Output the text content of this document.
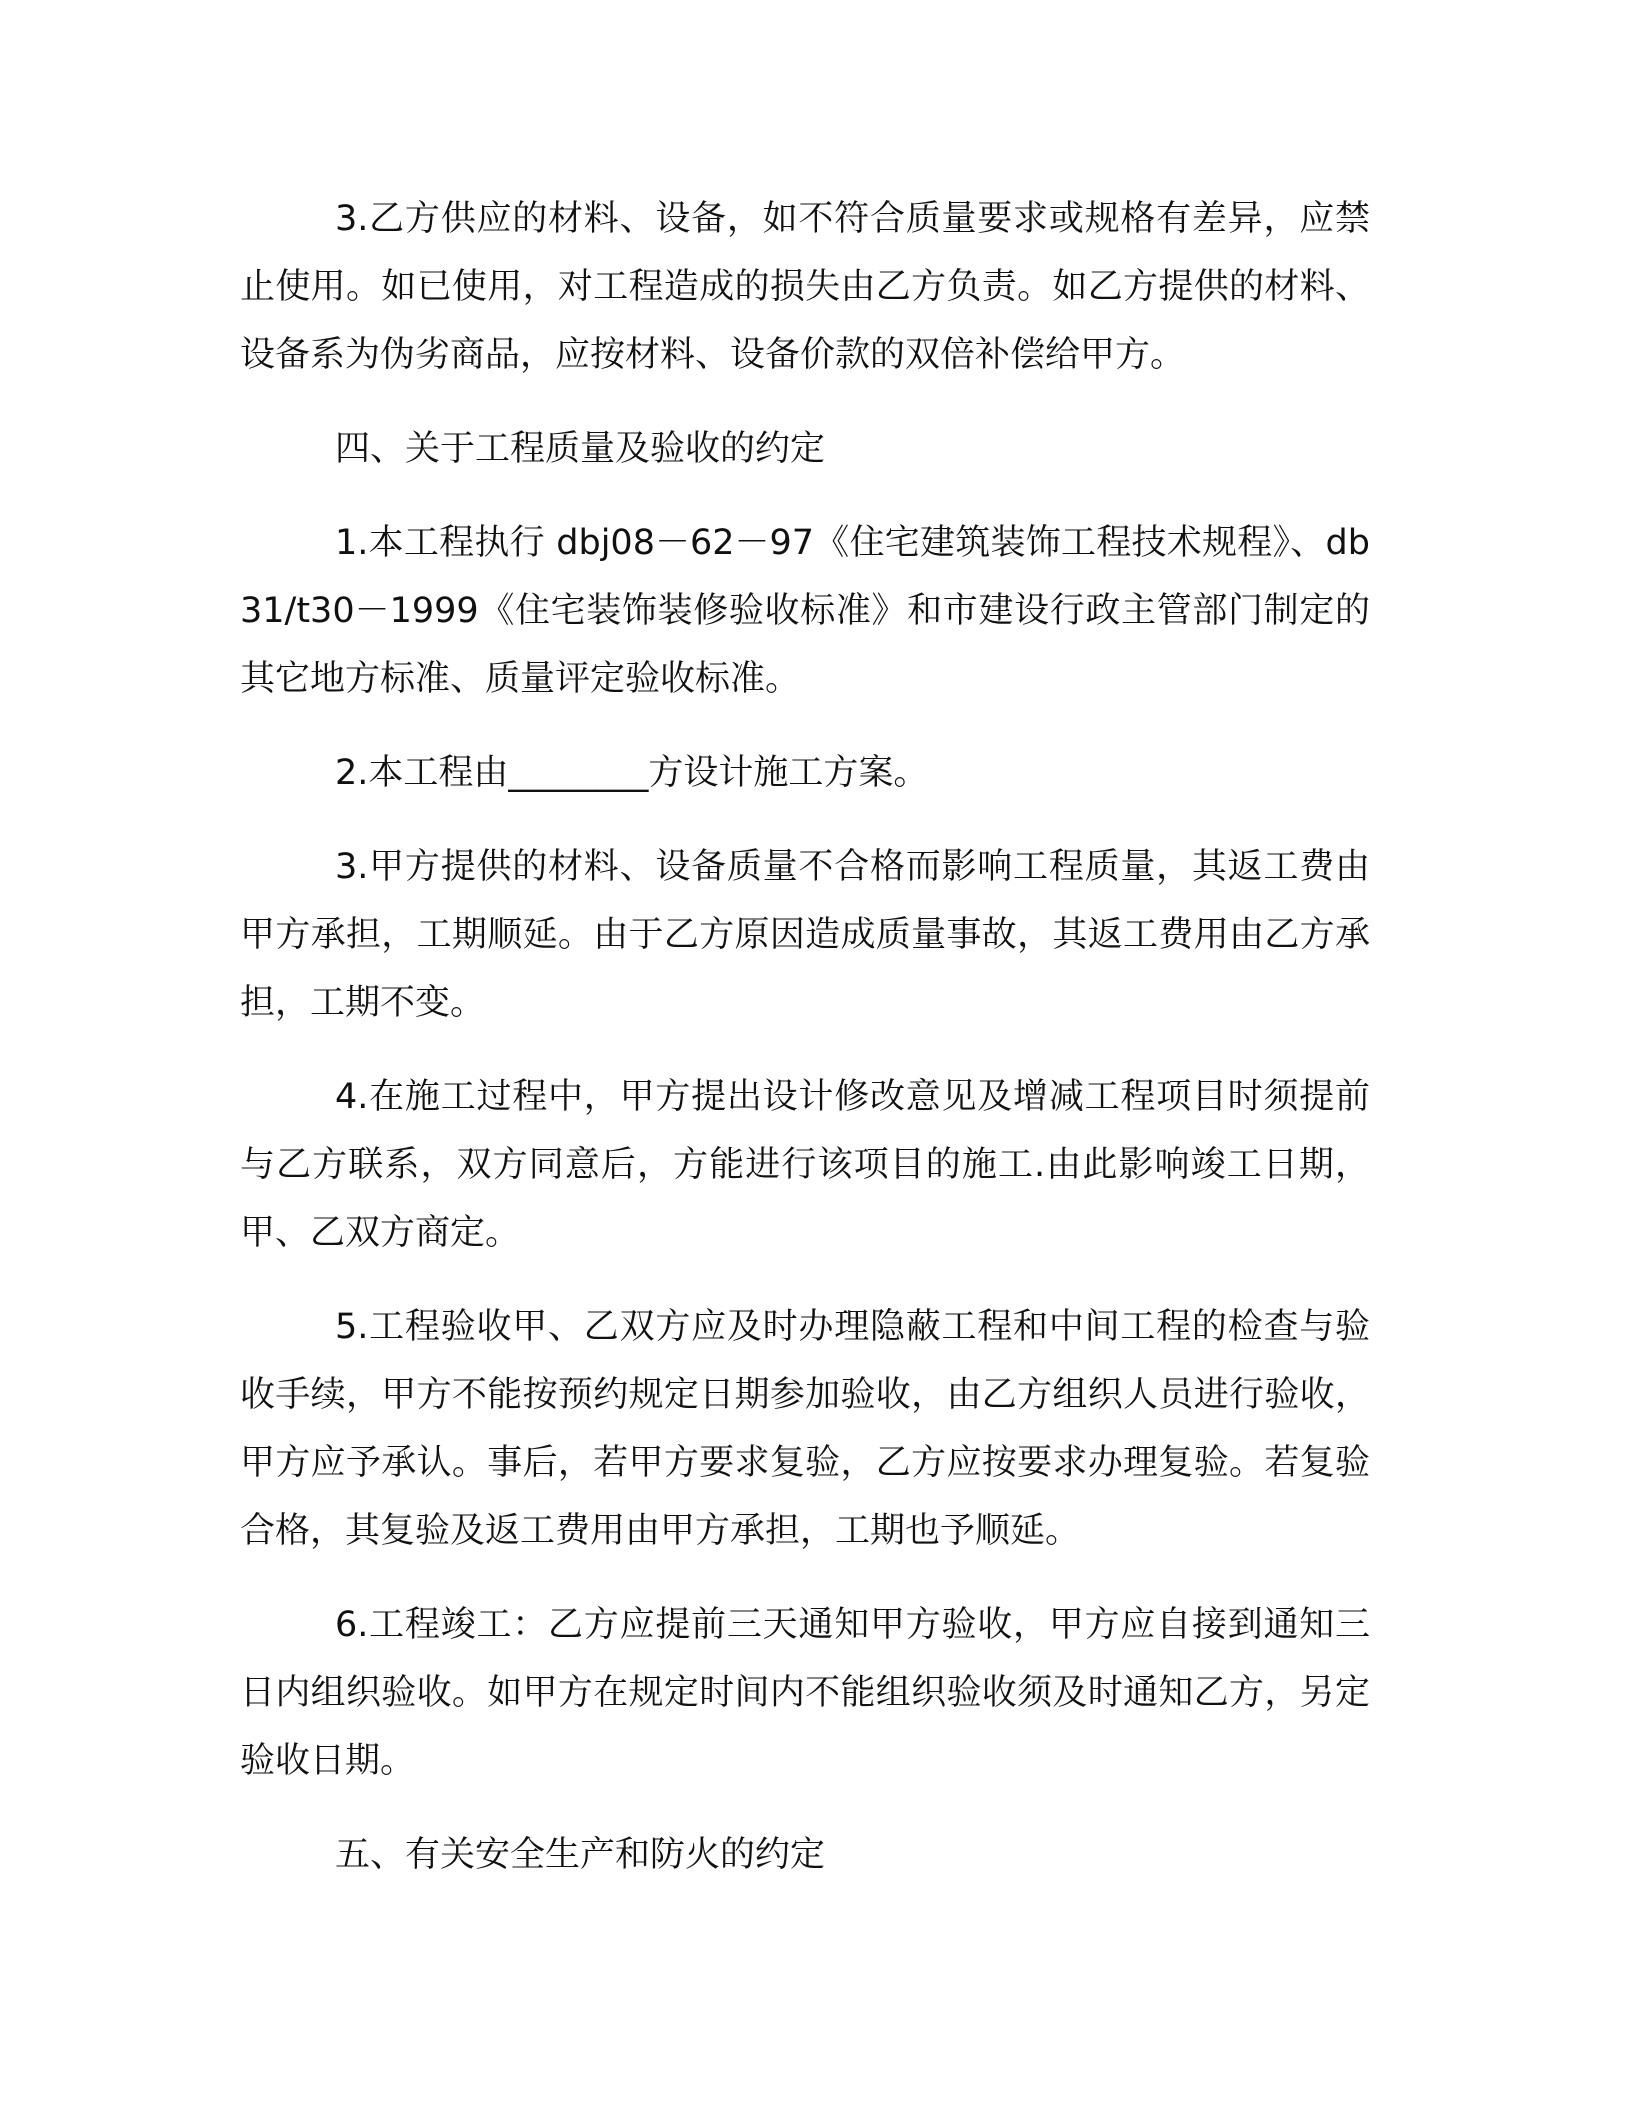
3.乙方供应的材料、设备，如不符合质量要求或规格有差异，应禁止使用。如已使用，对工程造成的损失由乙方负责。如乙方提供的材料、设备系为伪劣商品，应按材料、设备价款的双倍补偿给甲方。

四、关于工程质量及验收的约定

1.本工程执行 dbj08－62－97《住宅建筑装饰工程技术规程》、db31/t30－1999《住宅装饰装修验收标准》和市建设行政主管部门制定的其它地方标准、质量评定验收标准。

2.本工程由________方设计施工方案。

3.甲方提供的材料、设备质量不合格而影响工程质量，其返工费由甲方承担，工期顺延。由于乙方原因造成质量事故，其返工费用由乙方承担，工期不变。

4.在施工过程中，甲方提出设计修改意见及增减工程项目时须提前与乙方联系，双方同意后，方能进行该项目的施工.由此影响竣工日期，甲、乙双方商定。

5.工程验收甲、乙双方应及时办理隐蔽工程和中间工程的检查与验收手续，甲方不能按预约规定日期参加验收，由乙方组织人员进行验收，甲方应予承认。事后，若甲方要求复验，乙方应按要求办理复验。若复验合格，其复验及返工费用由甲方承担，工期也予顺延。

6.工程竣工：乙方应提前三天通知甲方验收，甲方应自接到通知三日内组织验收。如甲方在规定时间内不能组织验收须及时通知乙方，另定验收日期。

五、有关安全生产和防火的约定
